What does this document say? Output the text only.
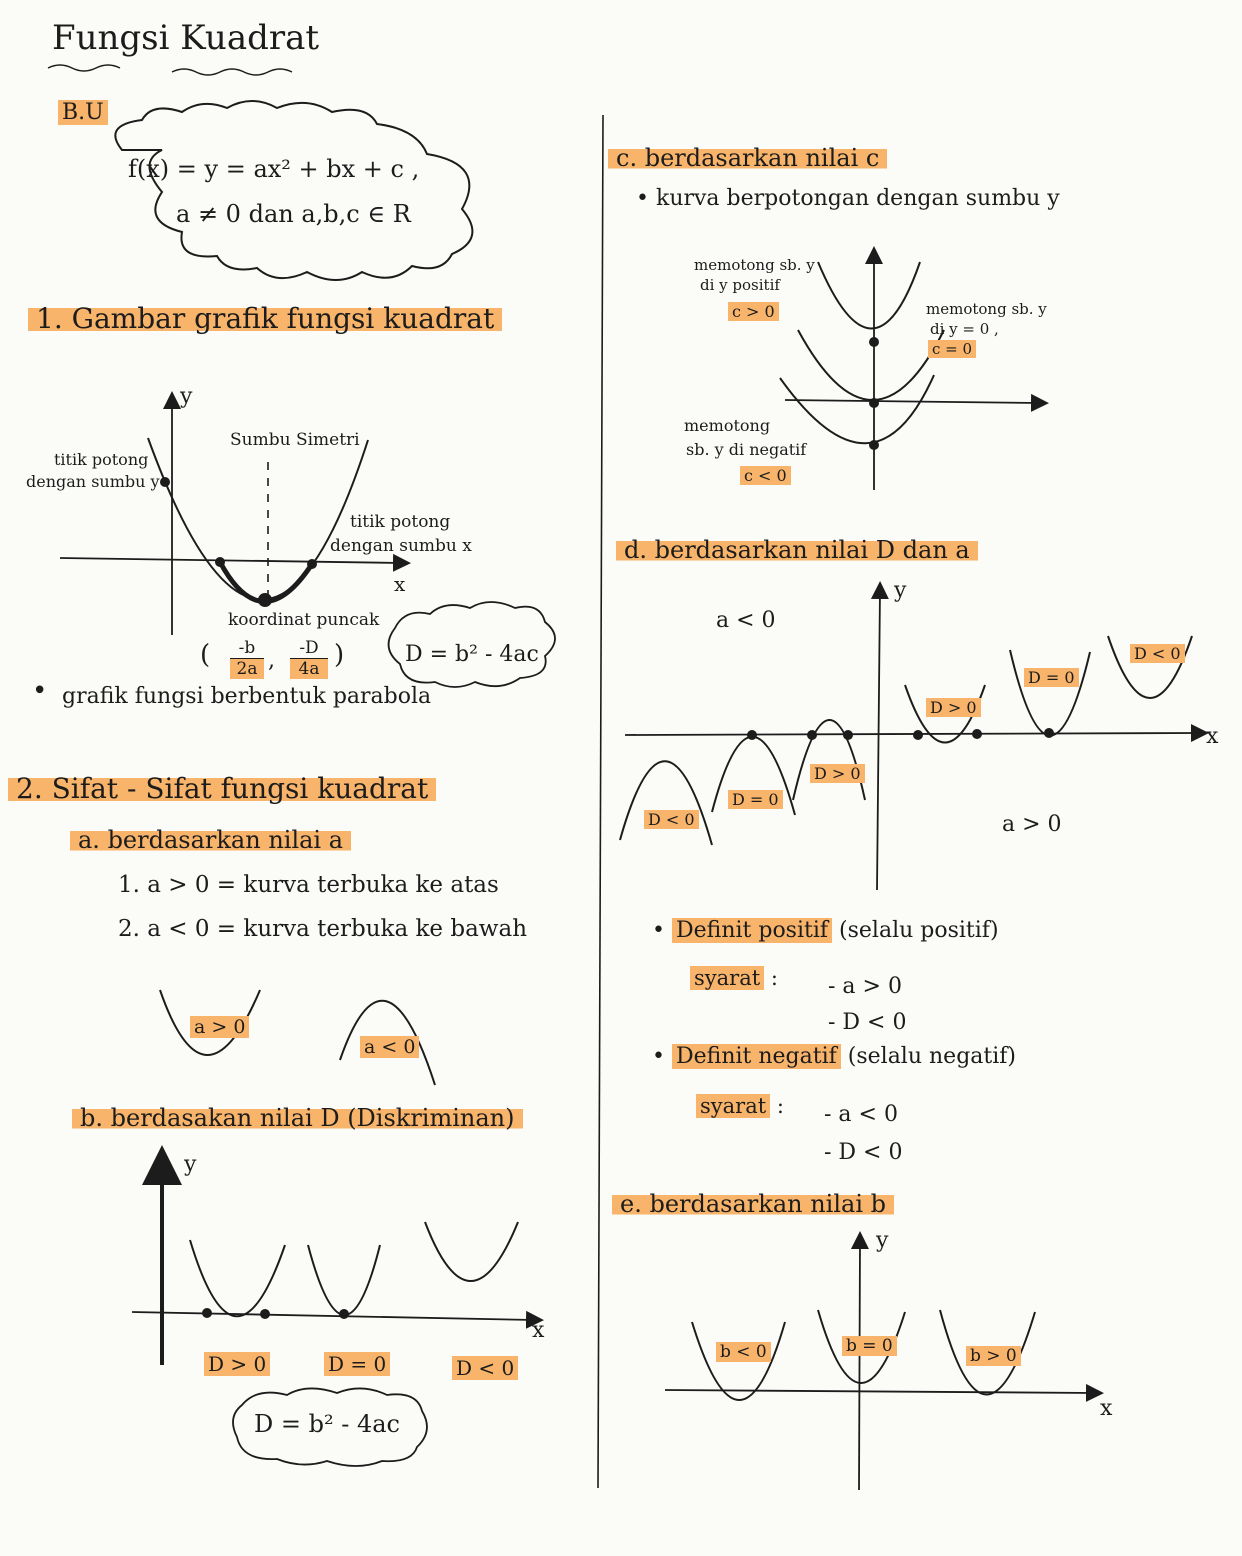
Fungsi Kuadrat
B.U
f(x) = y = ax² + bx + c ,
a ≠ 0 dan a,b,c ∈ R
1. Gambar grafik fungsi kuadrat
y
x
titik potong
dengan sumbu y
Sumbu Simetri
titik potong
dengan sumbu x
koordinat puncak
( $\frac{-b}{2a}$ , $\frac{-D}{4a}$ )	D = b² - 4ac
• grafik fungsi berbentuk parabola
2. Sifat - Sifat fungsi kuadrat
a. berdasarkan nilai a
1. a > 0 = kurva terbuka ke atas
2. a < 0 = kurva terbuka ke bawah
a > 0
a < 0
b. berdasakan nilai D (Diskriminan)
y
x
D > 0	D = 0	D < 0
D = b² - 4ac
c. berdasarkan nilai c
• kurva berpotongan dengan sumbu y
memotong sb. y
di y positif
c > 0	memotong sb. y
di y = 0 ,
c = 0
memotong
sb. y di negatif
c < 0
d. berdasarkan nilai D dan a
y
x
a < 0
a > 0
D > 0
D = 0
D < 0
D < 0
D = 0
D > 0
• Definit positif (selalu positif)
syarat : - a > 0
- D < 0
• Definit negatif (selalu negatif)
syarat : - a < 0
- D < 0
e. berdasarkan nilai b
y
x
b < 0	b = 0	b > 0
